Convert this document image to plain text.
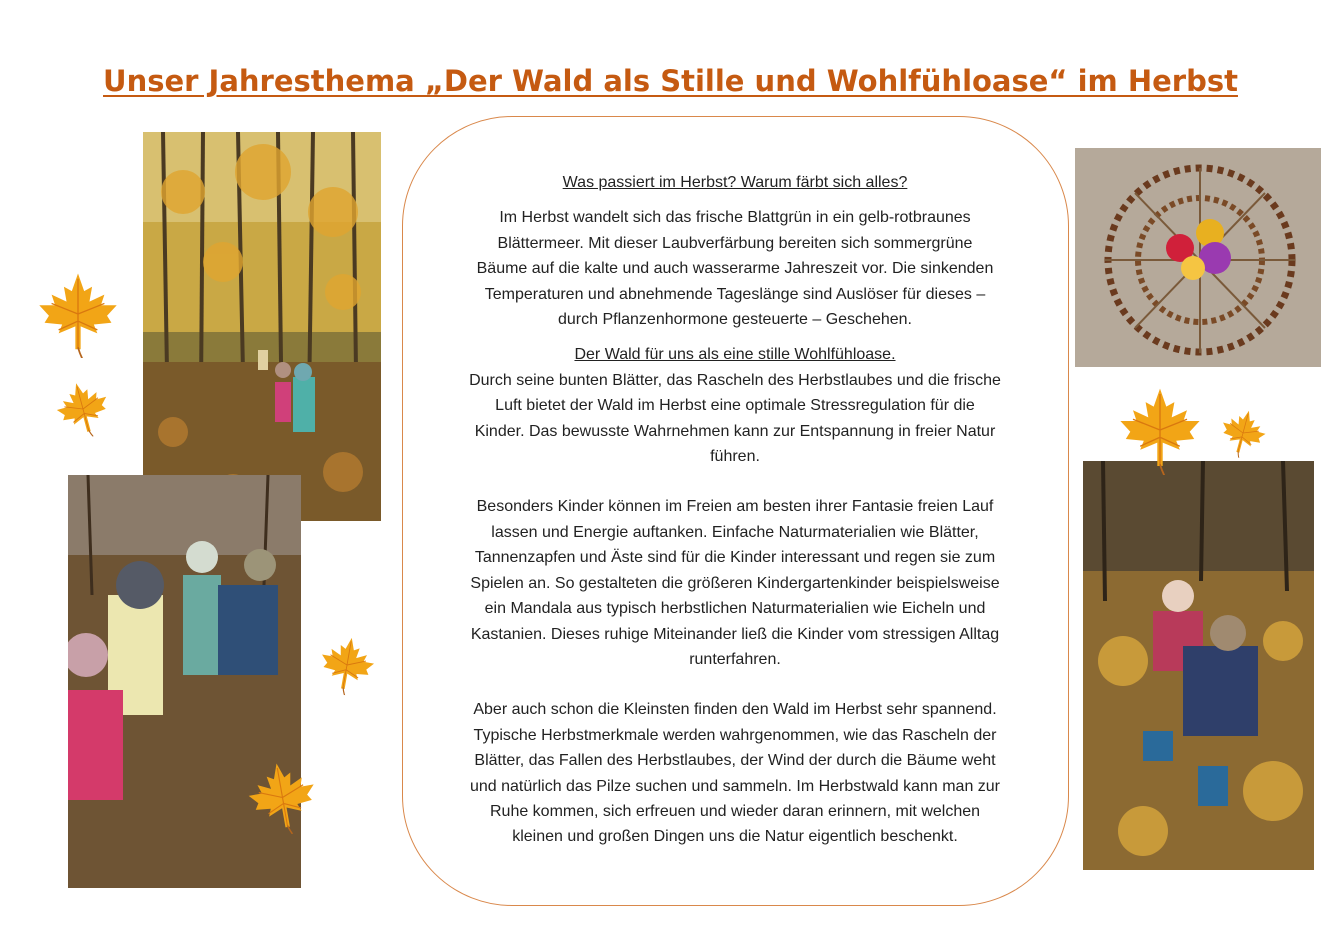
Unser Jahresthema „Der Wald als Stille und Wohlfühloase“ im Herbst

Was passiert im Herbst? Warum färbt sich alles?

Im Herbst wandelt sich das frische Blattgrün in ein gelb-rotbraunes

Blättermeer. Mit dieser Laubverfärbung bereiten sich sommergrüne

Bäume auf die kalte und auch wasserarme Jahreszeit vor. Die sinkenden

Temperaturen und abnehmende Tageslänge sind Auslöser für dieses –

durch Pflanzenhormone gesteuerte – Geschehen.

Der Wald für uns als eine stille Wohlfühloase.

Durch seine bunten Blätter, das Rascheln des Herbstlaubes und die frische

Luft bietet der Wald im Herbst eine optimale Stressregulation für die

Kinder. Das bewusste Wahrnehmen kann zur Entspannung in freier Natur

führen.

Besonders Kinder können im Freien am besten ihrer Fantasie freien Lauf

lassen und Energie auftanken. Einfache Naturmaterialien wie Blätter,

Tannenzapfen und Äste sind für die Kinder interessant und regen sie zum

Spielen an. So gestalteten die größeren Kindergartenkinder beispielsweise

ein Mandala aus typisch herbstlichen Naturmaterialien wie Eicheln und

Kastanien. Dieses ruhige Miteinander ließ die Kinder vom stressigen Alltag

runterfahren.

Aber auch schon die Kleinsten finden den Wald im Herbst sehr spannend.

Typische Herbstmerkmale werden wahrgenommen, wie das Rascheln der

Blätter, das Fallen des Herbstlaubes, der Wind der durch die Bäume weht

und natürlich das Pilze suchen und sammeln. Im Herbstwald kann man zur

Ruhe kommen, sich erfreuen und wieder daran erinnern, mit welchen

kleinen und großen Dingen uns die Natur eigentlich beschenkt.
